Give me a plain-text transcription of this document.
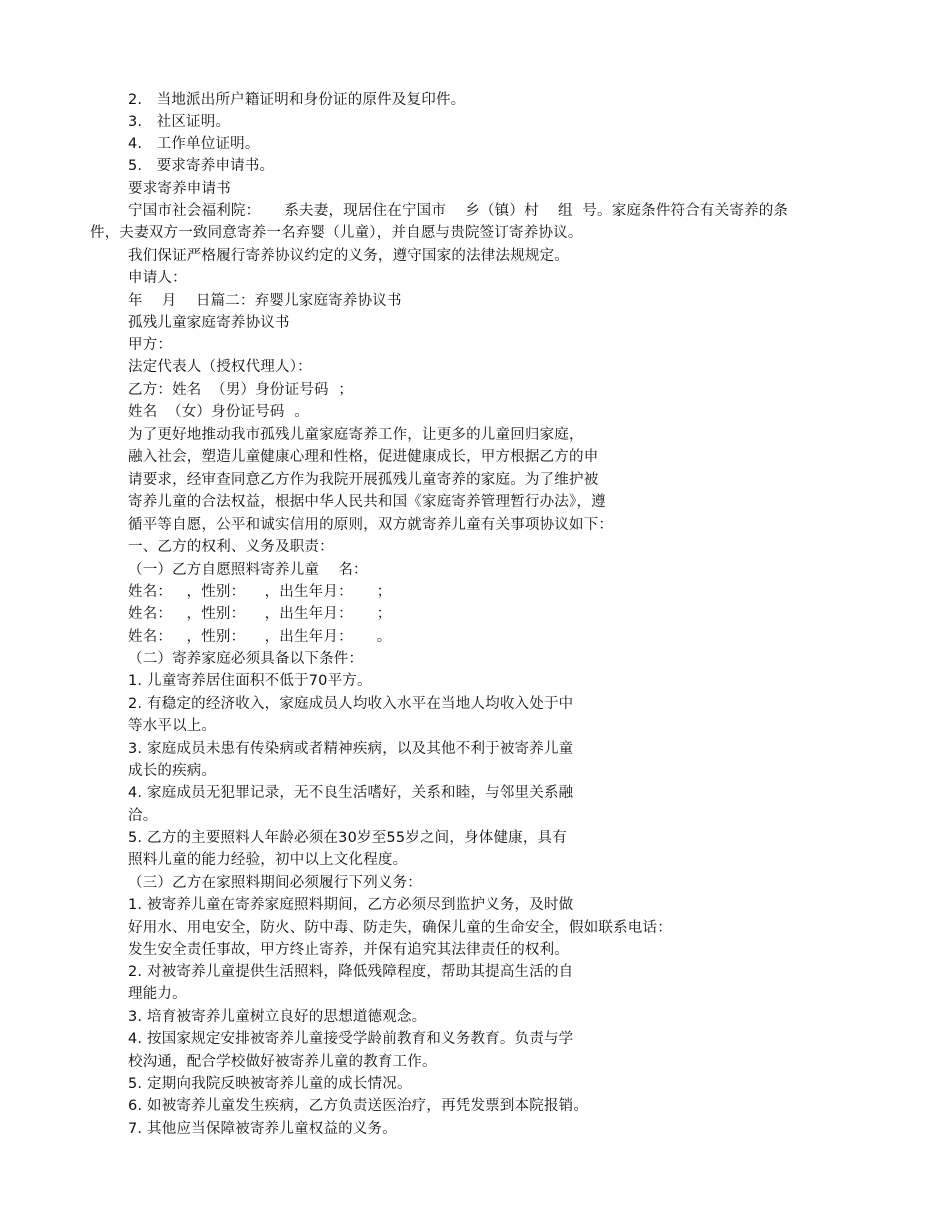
2.   当地派出所户籍证明和身份证的原件及复印件。
3.   社区证明。
4.   工作单位证明。
5.   要求寄养申请书。
要求寄养申请书
宁国市社会福利院：     系夫妻，现居住在宁国市    乡（镇）村    组  号。家庭条件符合有关寄养的条
件，夫妻双方一致同意寄养一名弃婴（儿童），并自愿与贵院签订寄养协议。
我们保证严格履行寄养协议约定的义务，遵守国家的法律法规规定。
申请人：
年    月    日篇二：弃婴儿家庭寄养协议书
孤残儿童家庭寄养协议书
甲方：
法定代表人（授权代理人）：
乙方：姓名  （男）身份证号码  ；
姓名  （女）身份证号码  。
为了更好地推动我市孤残儿童家庭寄养工作，让更多的儿童回归家庭，
融入社会，塑造儿童健康心理和性格，促进健康成长，甲方根据乙方的申
请要求，经审查同意乙方作为我院开展孤残儿童寄养的家庭。为了维护被
寄养儿童的合法权益，根据中华人民共和国《家庭寄养管理暂行办法》，遵
循平等自愿，公平和诚实信用的原则，双方就寄养儿童有关事项协议如下：
一、乙方的权利、义务及职责：
（一）乙方自愿照料寄养儿童    名：
姓名：   ，性别：    ，出生年月：     ；
姓名：   ，性别：    ，出生年月：     ；
姓名：   ，性别：    ，出生年月：     。
（二）寄养家庭必须具备以下条件：
1. 儿童寄养居住面积不低于70平方。
2. 有稳定的经济收入，家庭成员人均收入水平在当地人均收入处于中
等水平以上。
3. 家庭成员未患有传染病或者精神疾病，以及其他不利于被寄养儿童
成长的疾病。
4. 家庭成员无犯罪记录，无不良生活嗜好，关系和睦，与邻里关系融
洽。
5. 乙方的主要照料人年龄必须在30岁至55岁之间，身体健康，具有
照料儿童的能力经验，初中以上文化程度。
（三）乙方在家照料期间必须履行下列义务：
1. 被寄养儿童在寄养家庭照料期间，乙方必须尽到监护义务，及时做
好用水、用电安全，防火、防中毒、防走失，确保儿童的生命安全，假如联系电话：
发生安全责任事故，甲方终止寄养，并保有追究其法律责任的权利。
2. 对被寄养儿童提供生活照料，降低残障程度，帮助其提高生活的自
理能力。
3. 培育被寄养儿童树立良好的思想道德观念。
4. 按国家规定安排被寄养儿童接受学龄前教育和义务教育。负责与学
校沟通，配合学校做好被寄养儿童的教育工作。
5. 定期向我院反映被寄养儿童的成长情况。
6. 如被寄养儿童发生疾病，乙方负责送医治疗，再凭发票到本院报销。
7. 其他应当保障被寄养儿童权益的义务。
